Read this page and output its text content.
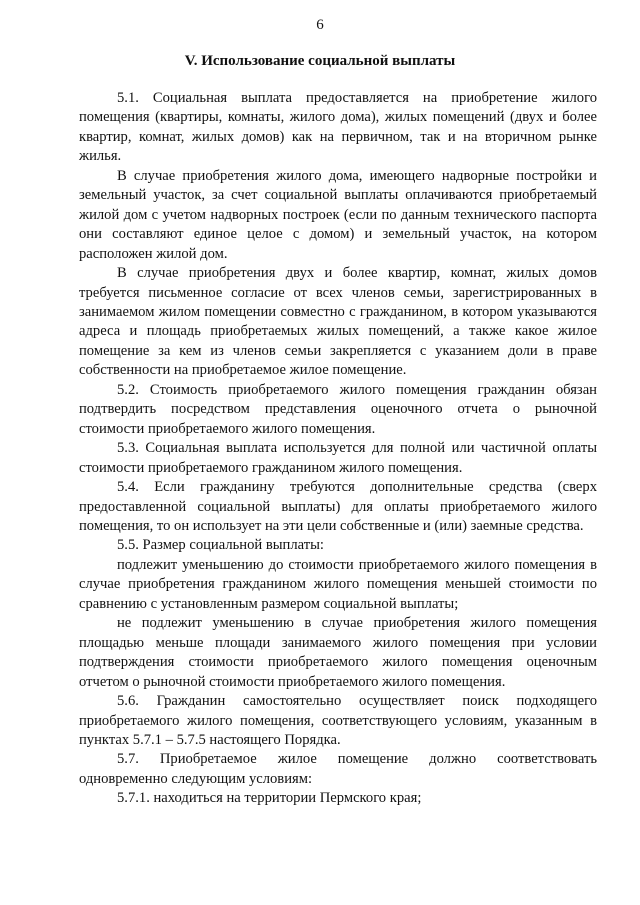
6
V. Использование социальной выплаты

5.1. Социальная выплата предоставляется на приобретение жилого помещения (квартиры, комнаты, жилого дома), жилых помещений (двух и более квартир, комнат, жилых домов) как на первичном, так и на вторичном рынке жилья.

В случае приобретения жилого дома, имеющего надворные постройки и земельный участок, за счет социальной выплаты оплачиваются приобретаемый жилой дом с учетом надворных построек (если по данным технического паспорта они составляют единое целое с домом) и земельный участок, на котором расположен жилой дом.

В случае приобретения двух и более квартир, комнат, жилых домов требуется письменное согласие от всех членов семьи, зарегистрированных в занимаемом жилом помещении совместно с гражданином, в котором указываются адреса и площадь приобретаемых жилых помещений, а также какое жилое помещение за кем из членов семьи закрепляется с указанием доли в праве собственности на приобретаемое жилое помещение.

5.2. Стоимость приобретаемого жилого помещения гражданин обязан подтвердить посредством представления оценочного отчета о рыночной стоимости приобретаемого жилого помещения.

5.3. Социальная выплата используется для полной или частичной оплаты стоимости приобретаемого гражданином жилого помещения.

5.4. Если гражданину требуются дополнительные средства (сверх предоставленной социальной выплаты) для оплаты приобретаемого жилого помещения, то он использует на эти цели собственные и (или) заемные средства.

5.5. Размер социальной выплаты:

подлежит уменьшению до стоимости приобретаемого жилого помещения в случае приобретения гражданином жилого помещения меньшей стоимости по сравнению с установленным размером социальной выплаты;

не подлежит уменьшению в случае приобретения жилого помещения площадью меньше площади занимаемого жилого помещения при условии подтверждения стоимости приобретаемого жилого помещения оценочным отчетом о рыночной стоимости приобретаемого жилого помещения.

5.6. Гражданин самостоятельно осуществляет поиск подходящего приобретаемого жилого помещения, соответствующего условиям, указанным в пунктах 5.7.1 – 5.7.5 настоящего Порядка.

5.7. Приобретаемое жилое помещение должно соответствовать одновременно следующим условиям:

5.7.1. находиться на территории Пермского края;
